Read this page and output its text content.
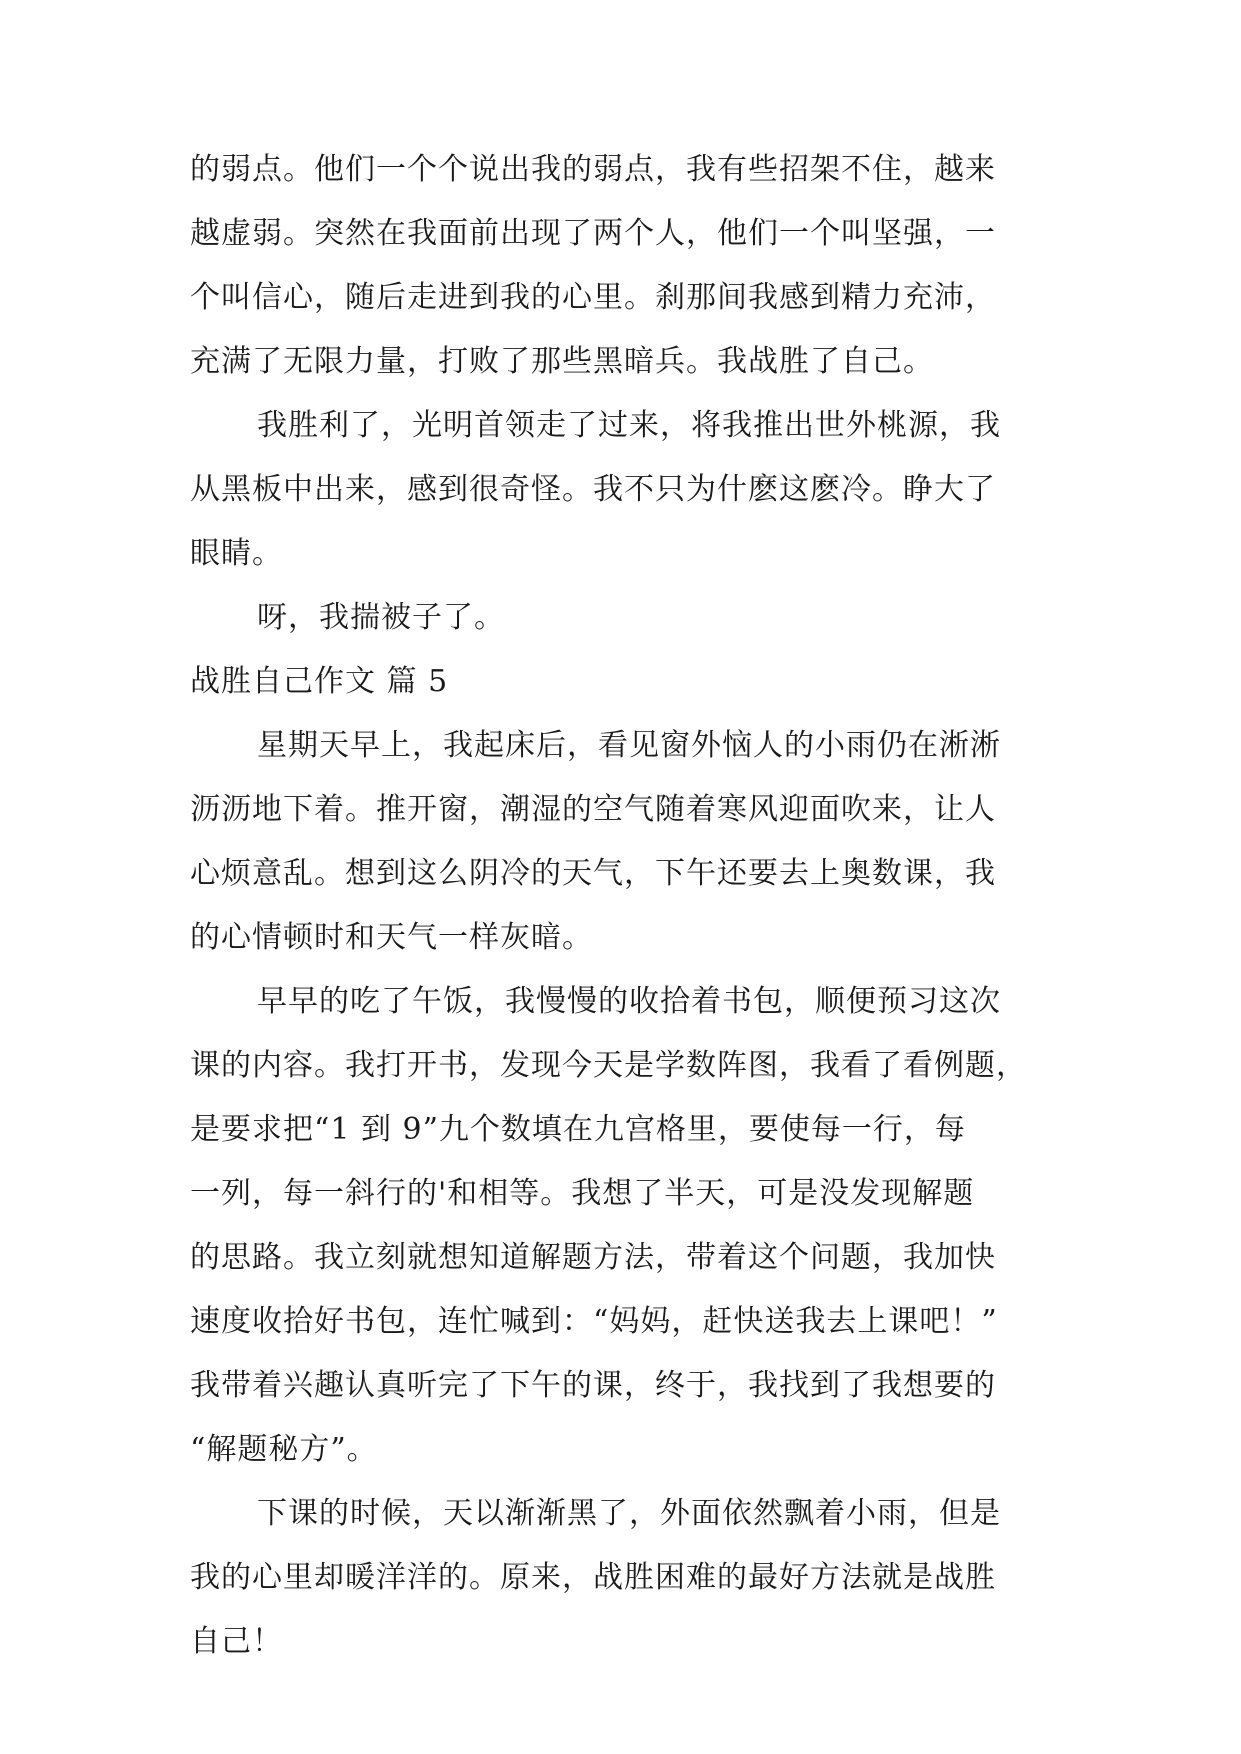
的弱点。他们一个个说出我的弱点，我有些招架不住，越来
越虚弱。突然在我面前出现了两个人，他们一个叫坚强，一
个叫信心，随后走进到我的心里。刹那间我感到精力充沛，
充满了无限力量，打败了那些黑暗兵。我战胜了自己。
我胜利了，光明首领走了过来，将我推出世外桃源，我
从黑板中出来，感到很奇怪。我不只为什麽这麽冷。睁大了
眼睛。
呀，我揣被子了。
战胜自己作文 篇 5
星期天早上，我起床后，看见窗外恼人的小雨仍在淅淅
沥沥地下着。推开窗，潮湿的空气随着寒风迎面吹来，让人
心烦意乱。想到这么阴冷的天气，下午还要去上奥数课，我
的心情顿时和天气一样灰暗。
早早的吃了午饭，我慢慢的收拾着书包，顺便预习这次
课的内容。我打开书，发现今天是学数阵图，我看了看例题，
是要求把“1 到 9”九个数填在九宫格里，要使每一行，每
一列，每一斜行的'和相等。我想了半天，可是没发现解题
的思路。我立刻就想知道解题方法，带着这个问题，我加快
速度收拾好书包，连忙喊到：“妈妈，赶快送我去上课吧！”
我带着兴趣认真听完了下午的课，终于，我找到了我想要的
“解题秘方”。
下课的时候，天以渐渐黑了，外面依然飘着小雨，但是
我的心里却暖洋洋的。原来，战胜困难的最好方法就是战胜
自己！
